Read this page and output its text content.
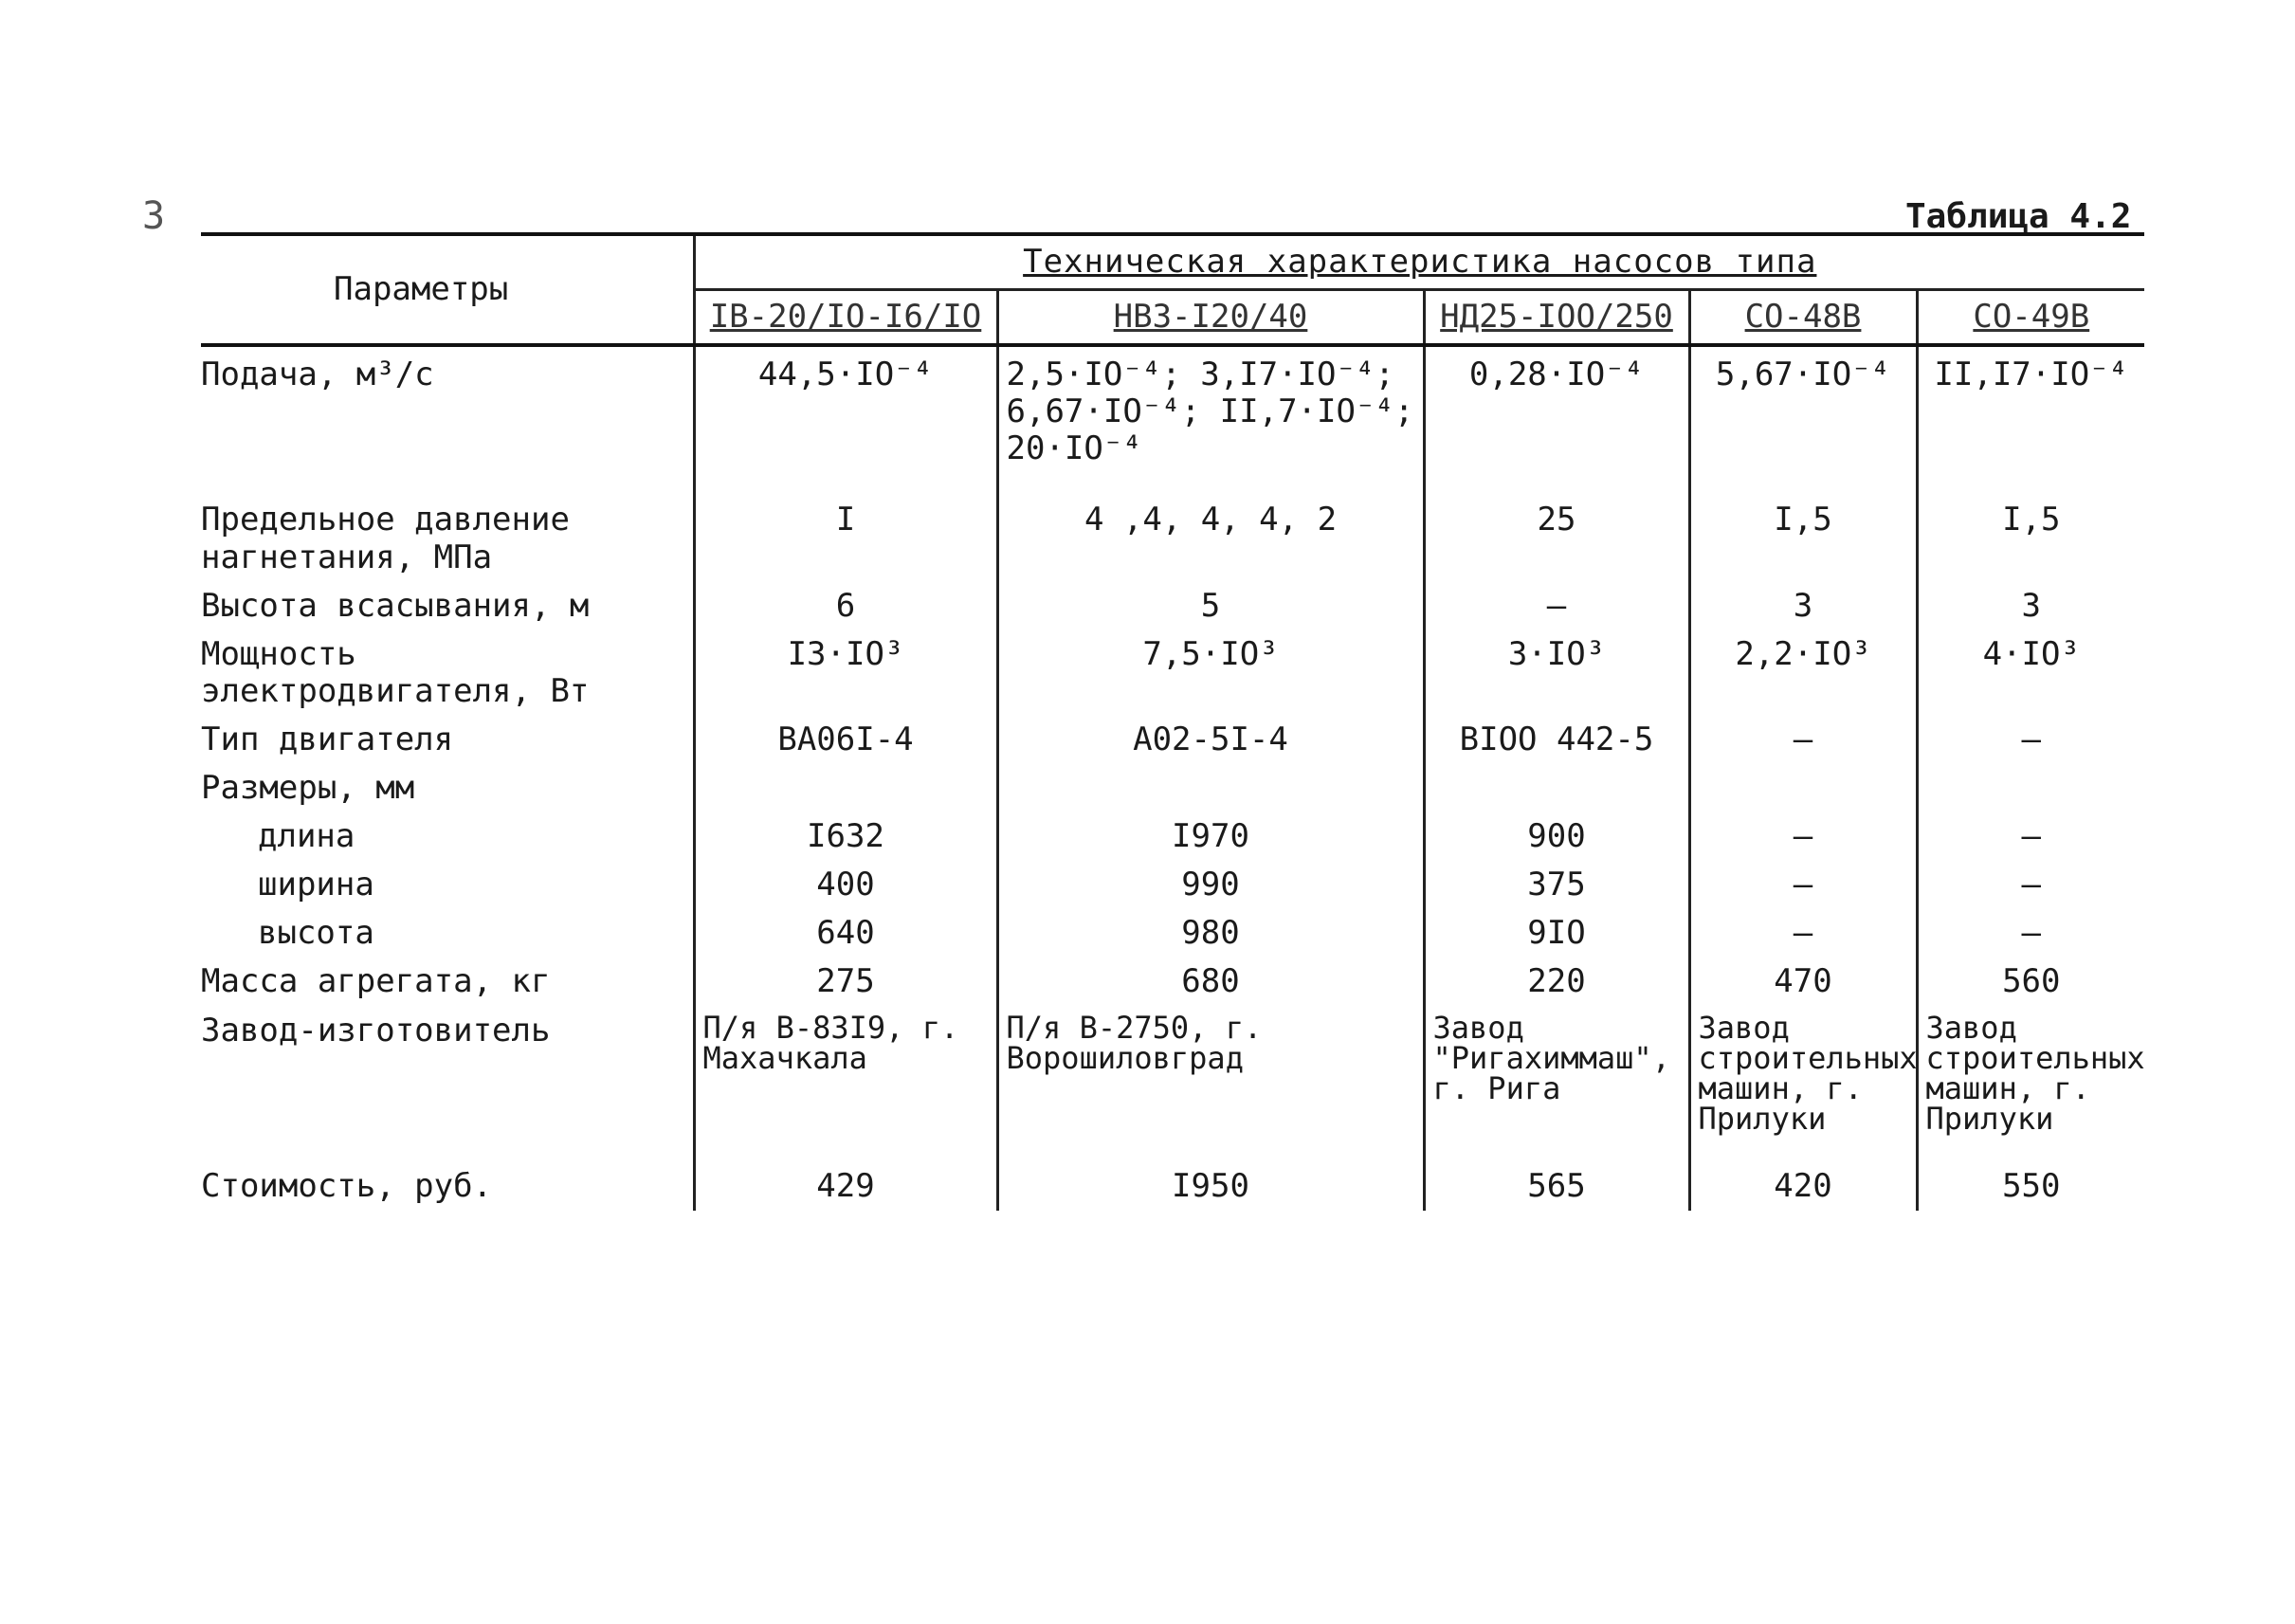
3	Таблица 4.2
Параметры	Техническая характеристика насосов типа				
	IВ-20/IО-I6/IО	НВЗ-I20/40	НД25-IОО/250	СО-48В	СО-49В
Подача, м³/с	44,5·IО⁻⁴	2,5·IО⁻⁴; 3,I7·IО⁻⁴; 6,67·IО⁻⁴; II,7·IО⁻⁴; 20·IО⁻⁴	0,28·IО⁻⁴	5,67·IО⁻⁴	II,I7·IО⁻⁴
Предельное давление нагнетания, МПа	I	4 ,4, 4, 4, 2	25	I,5	I,5
Высота всасывания, м	6	5	–	3	3
Мощность электродвигателя, Вт	I3·IО³	7,5·IО³	3·IО³	2,2·IО³	4·IО³
Тип двигателя	ВА06I-4	А02-5I-4	ВIОО 442-5	–	–
Размеры, мм					
длина	I632	I970	900	–	–
ширина	400	990	375	–	–
высота	640	980	9IО	–	–
Масса агрегата, кг	275	680	220	470	560
Завод-изготовитель	П/я В-83I9, г. Махачкала	П/я В-2750, г. Ворошиловград	Завод "Ригахиммаш", г. Рига	Завод строительных машин, г. Прилуки	Завод строительных машин, г. Прилуки
Стоимость, руб.	429	I950	565	420	550
